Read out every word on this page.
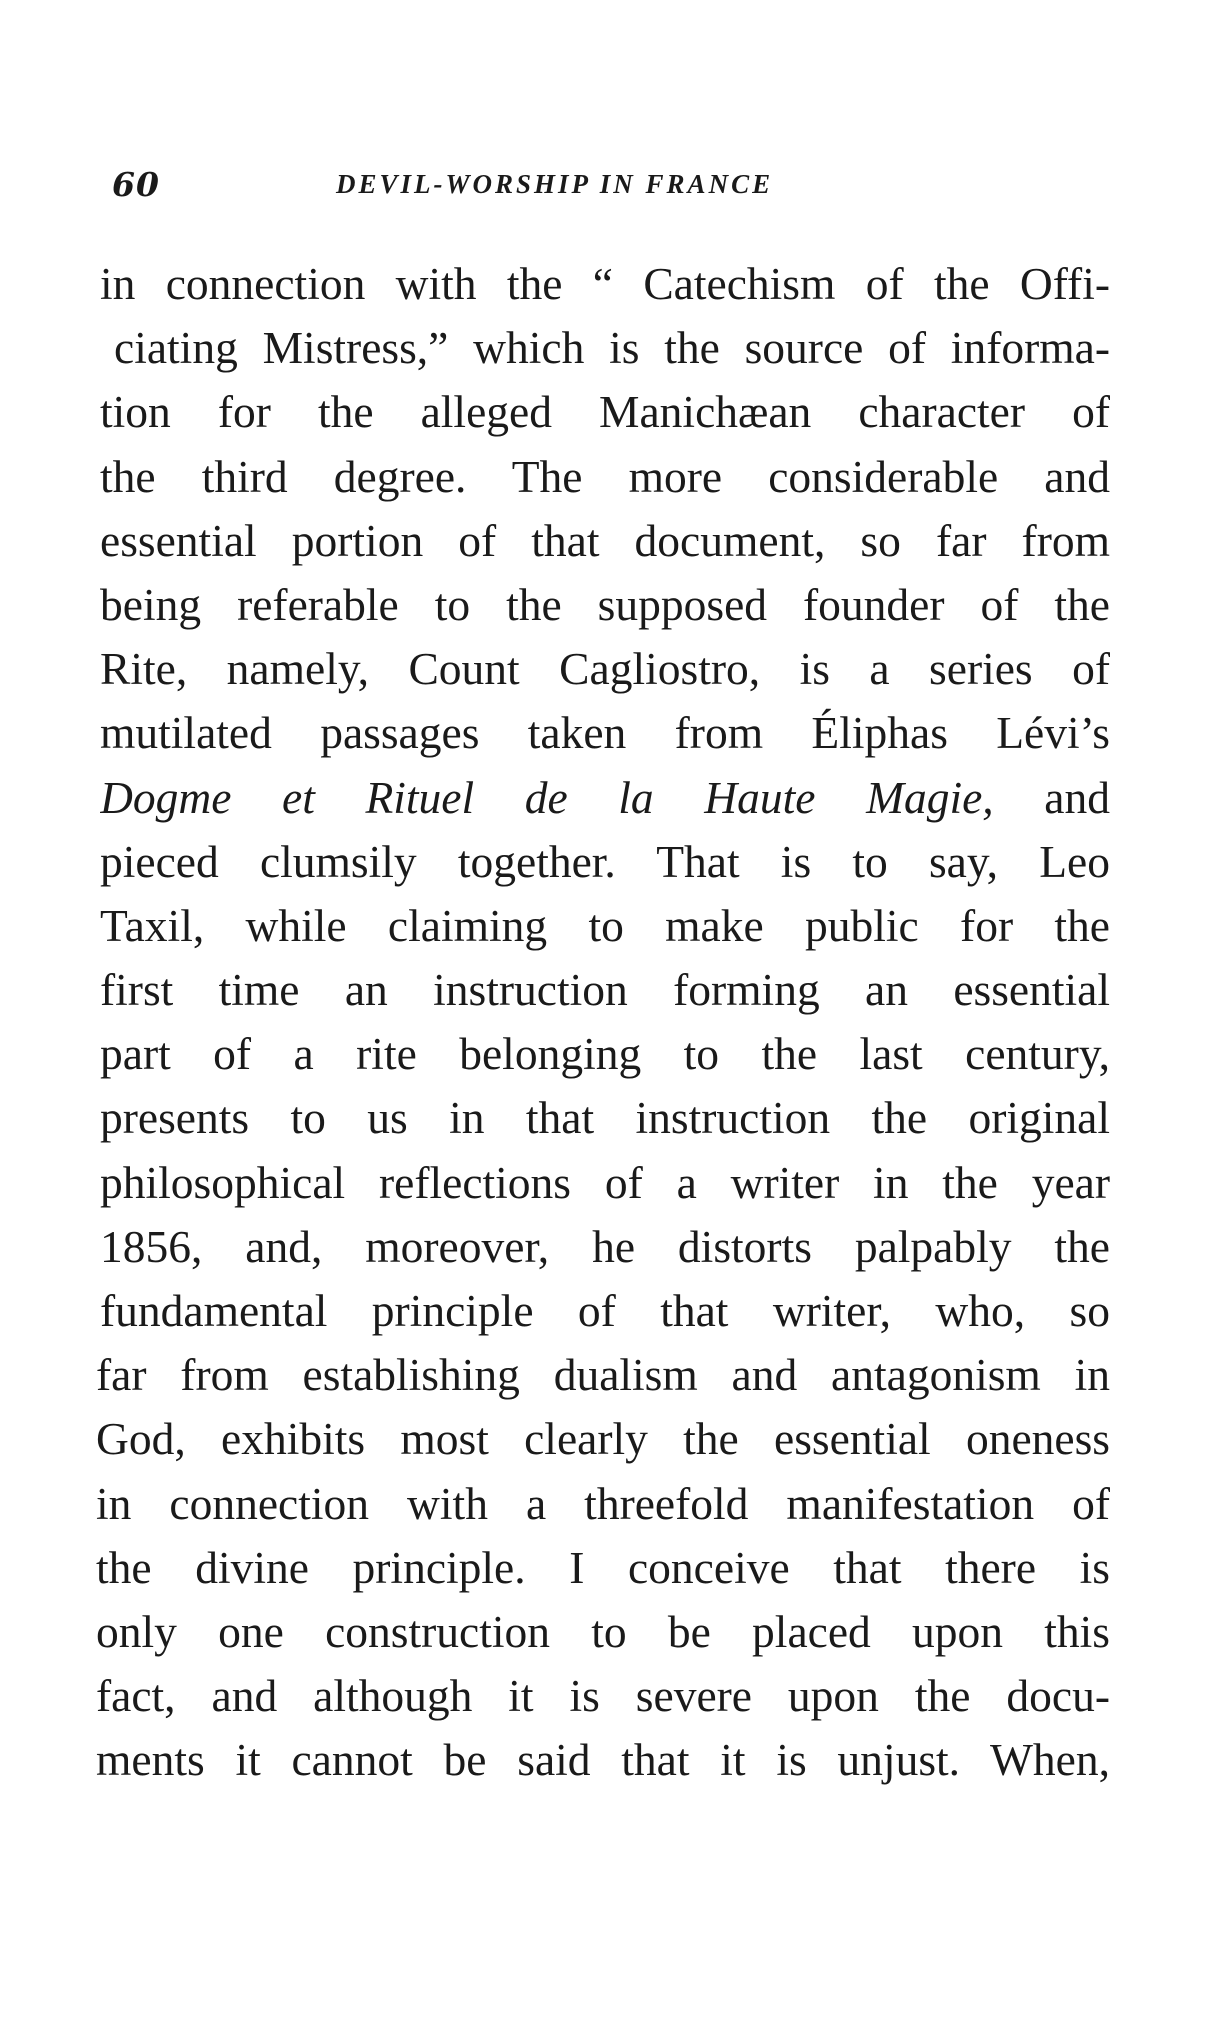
60	DEVIL-WORSHIP IN FRANCE
in connection with the “ Catechism of the Offi-
ciating Mistress,” which is the source of informa-
tion for the alleged Manichæan character of
the third degree. The more considerable and
essential portion of that document, so far from
being referable to the supposed founder of the
Rite, namely, Count Cagliostro, is a series of
mutilated passages taken from Éliphas Lévi’s
Dogme et Rituel de la Haute Magie, and
pieced clumsily together. That is to say, Leo
Taxil, while claiming to make public for the
first time an instruction forming an essential
part of a rite belonging to the last century,
presents to us in that instruction the original
philosophical reflections of a writer in the year
1856, and, moreover, he distorts palpably the
fundamental principle of that writer, who, so
far from establishing dualism and antagonism in
God, exhibits most clearly the essential oneness
in connection with a threefold manifestation of
the divine principle. I conceive that there is
only one construction to be placed upon this
fact, and although it is severe upon the docu-
ments it cannot be said that it is unjust. When,
